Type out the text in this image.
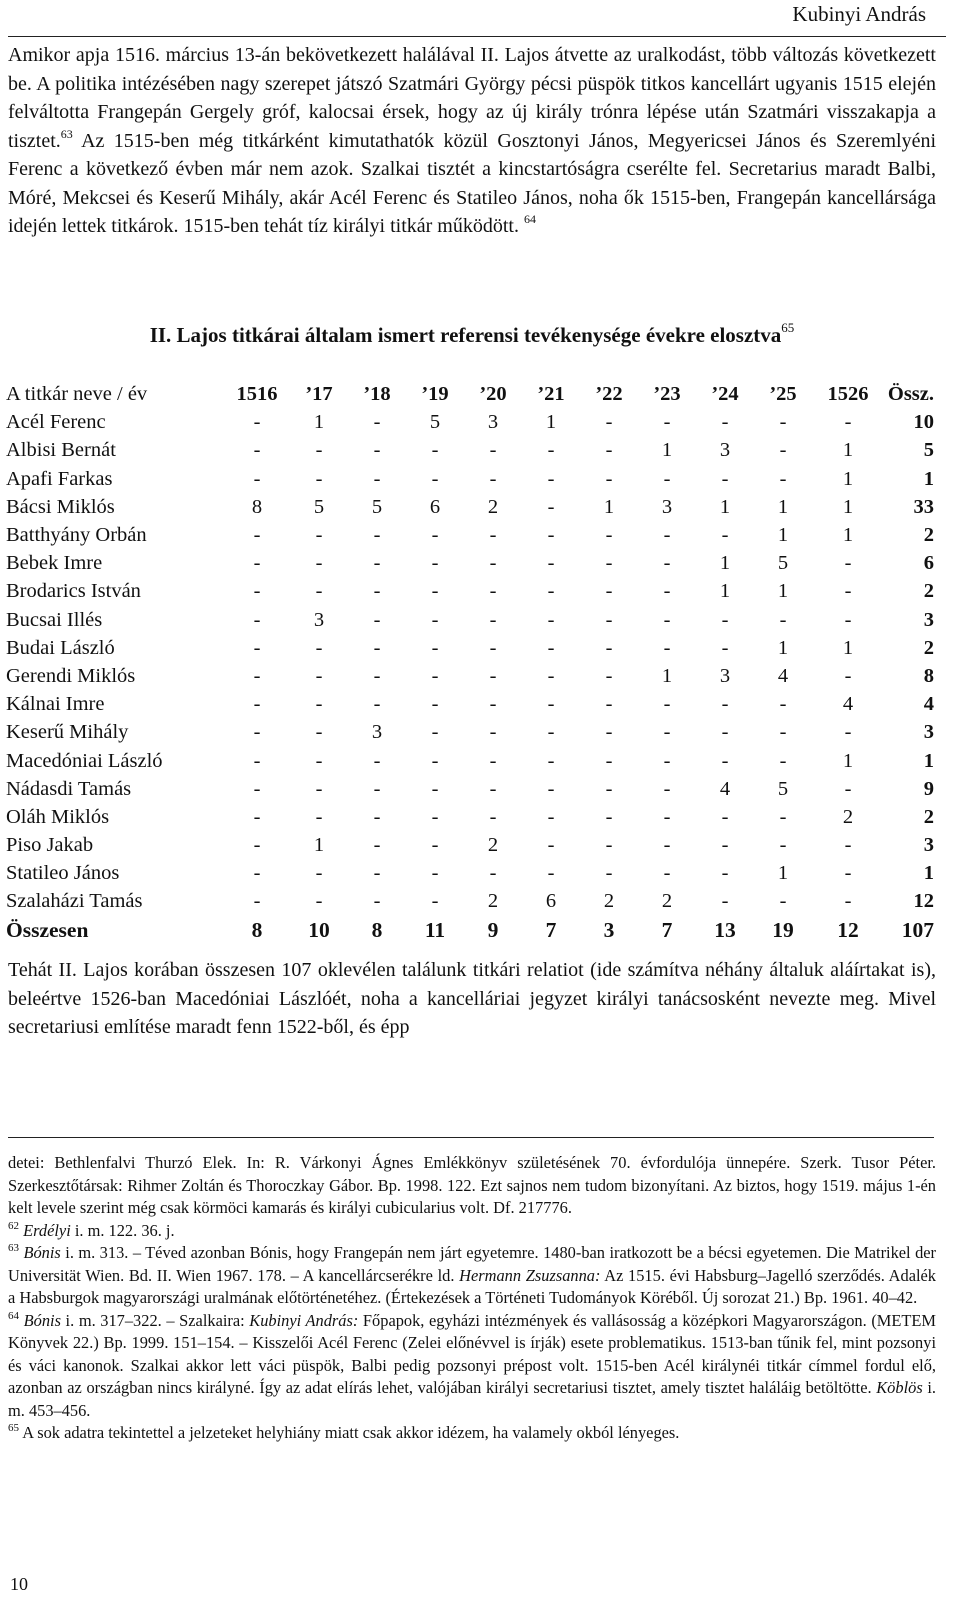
Kubinyi András
Amikor apja 1516. március 13-án bekövetkezett halálával II. Lajos átvette az uralkodást, több változás következett be. A politika intézésében nagy szerepet játszó Szatmári György pécsi püspök titkos kancellárt ugyanis 1515 elején felváltotta Frangepán Gergely gróf, kalocsai érsek, hogy az új király trónra lépése után Szatmári visszakapja a tisztet.$^{63}$ Az 1515-ben még titkárként kimutathatók közül Gosztonyi János, Megyericsei János és Szeremlyéni Ferenc a következő évben már nem azok. Szalkai tisztét a kincstartóságra cserélte fel. Secretarius maradt Balbi, Móré, Mekcsei és Keserű Mihály, akár Acél Ferenc és Statileo János, noha ők 1515-ben, Frangepán kancellársága idején lettek titkárok. 1515-ben tehát tíz királyi titkár működött. $^{64}$
II. Lajos titkárai általam ismert referensi tevékenysége évekre elosztva$^{65}$
A titkár neve / év	1516	’17	’18	’19	’20	’21	’22	’23	’24	’25	1526	Össz.
Acél Ferenc	-	1	-	5	3	1	-	-	-	-	-	10
Albisi Bernát	-	-	-	-	-	-	-	1	3	-	1	5
Apafi Farkas	-	-	-	-	-	-	-	-	-	-	1	1
Bácsi Miklós	8	5	5	6	2	-	1	3	1	1	1	33
Batthyány Orbán	-	-	-	-	-	-	-	-	-	1	1	2
Bebek Imre	-	-	-	-	-	-	-	-	1	5	-	6
Brodarics István	-	-	-	-	-	-	-	-	1	1	-	2
Bucsai Illés	-	3	-	-	-	-	-	-	-	-	-	3
Budai László	-	-	-	-	-	-	-	-	-	1	1	2
Gerendi Miklós	-	-	-	-	-	-	-	1	3	4	-	8
Kálnai Imre	-	-	-	-	-	-	-	-	-	-	4	4
Keserű Mihály	-	-	3	-	-	-	-	-	-	-	-	3
Macedóniai László	-	-	-	-	-	-	-	-	-	-	1	1
Nádasdi Tamás	-	-	-	-	-	-	-	-	4	5	-	9
Oláh Miklós	-	-	-	-	-	-	-	-	-	-	2	2
Piso Jakab	-	1	-	-	2	-	-	-	-	-	-	3
Statileo János	-	-	-	-	-	-	-	-	-	1	-	1
Szalaházi Tamás	-	-	-	-	2	6	2	2	-	-	-	12
Összesen	8	10	8	11	9	7	3	7	13	19	12	107
Tehát II. Lajos korában összesen 107 oklevélen találunk titkári relatiot (ide számítva néhány általuk aláírtakat is), beleértve 1526-ban Macedóniai Lászlóét, noha a kancelláriai jegyzet királyi tanácsosként nevezte meg. Mivel secretariusi említése maradt fenn 1522-ből, és épp

detei: Bethlenfalvi Thurzó Elek. In: R. Várkonyi Ágnes Emlékkönyv születésének 70. évfordulója ünnepére. Szerk. Tusor Péter. Szerkesztőtársak: Rihmer Zoltán és Thoroczkay Gábor. Bp. 1998. 122. Ezt sajnos nem tudom bizonyítani. Az biztos, hogy 1519. május 1-én kelt levele szerint még csak körmöci kamarás és királyi cubicularius volt. Df. 217776.

$^{62}$ Erdélyi i. m. 122. 36. j.

$^{63}$ Bónis i. m. 313. – Téved azonban Bónis, hogy Frangepán nem járt egyetemre. 1480-ban iratkozott be a bécsi egyetemen. Die Matrikel der Universität Wien. Bd. II. Wien 1967. 178. – A kancellárcserékre ld. Hermann Zsuzsanna: Az 1515. évi Habsburg–Jagelló szerződés. Adalék a Habsburgok magyarországi uralmának előtörténetéhez. (Értekezések a Történeti Tudományok Köréből. Új sorozat 21.) Bp. 1961. 40–42.

$^{64}$ Bónis i. m. 317–322. – Szalkaira: Kubinyi András: Főpapok, egyházi intézmények és vallásosság a középkori Magyarországon. (METEM Könyvek 22.) Bp. 1999. 151–154. – Kisszelői Acél Ferenc (Zelei előnévvel is írják) esete problematikus. 1513-ban tűnik fel, mint pozsonyi és váci kanonok. Szalkai akkor lett váci püspök, Balbi pedig pozsonyi prépost volt. 1515-ben Acél királynéi titkár címmel fordul elő, azonban az országban nincs királyné. Így az adat elírás lehet, valójában királyi secretariusi tisztet, amely tisztet haláláig betöltötte. Köblös i. m. 453–456.

$^{65}$ A sok adatra tekintettel a jelzeteket helyhiány miatt csak akkor idézem, ha valamely okból lényeges.

10
